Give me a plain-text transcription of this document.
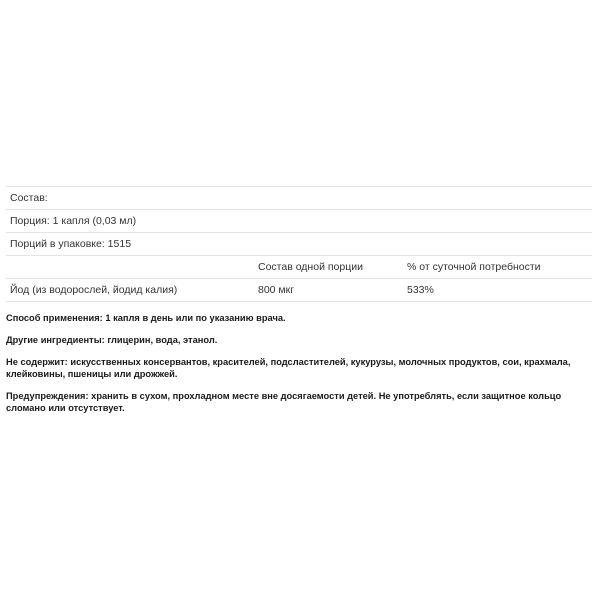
Состав:		
Порция: 1 капля (0,03 мл)		
Порций в упаковке: 1515		
	Состав одной порции	% от суточной потребности
Йод (из водорослей, йодид калия)	800 мкг	533%

Способ применения: 1 капля в день или по указанию врача.

Другие ингредиенты: глицерин, вода, этанол.

Не содержит: искусственных консервантов, красителей, подсластителей, кукурузы, молочных продуктов, сои, крахмала, клейковины, пшеницы или дрожжей.

Предупреждения: хранить в сухом, прохладном месте вне досягаемости детей. Не употреблять, если защитное кольцо сломано или отсутствует.
